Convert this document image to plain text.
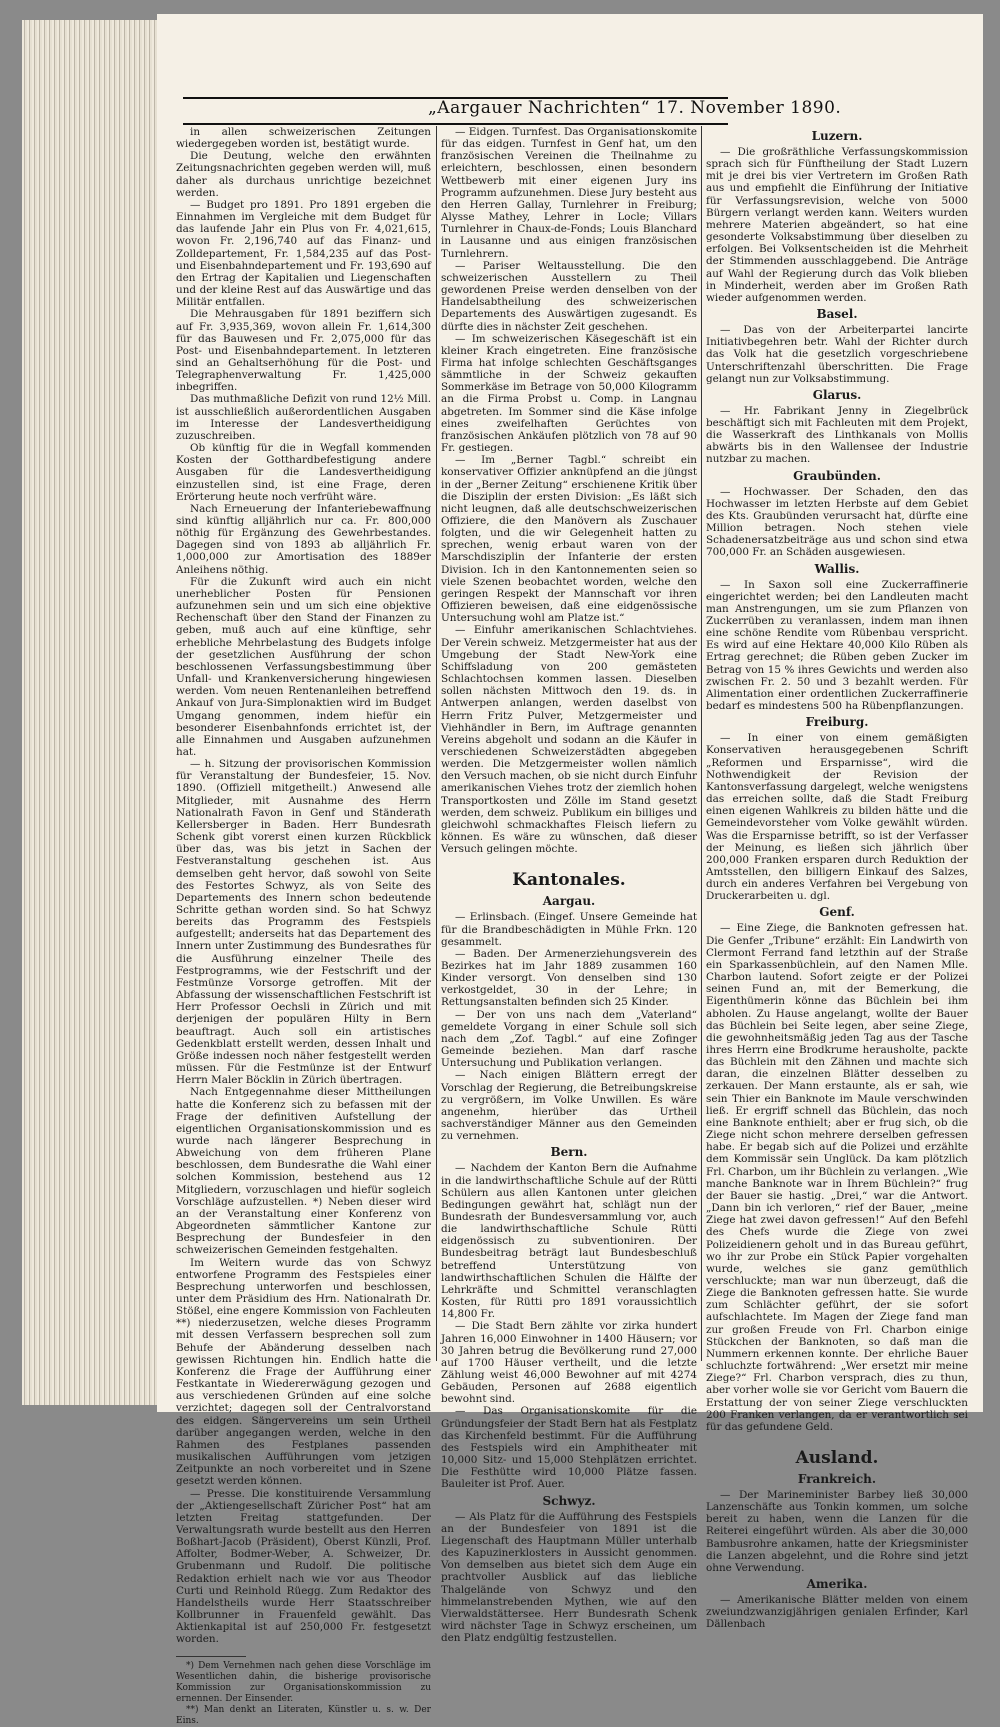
„Aargauer Nachrichten“ 17. November 1890.

in allen schweizerischen Zeitungen wiedergegeben worden ist, bestätigt wurde.

Die Deutung, welche den erwähnten Zeitungsnachrichten gegeben werden will, muß daher als durchaus unrichtige bezeichnet werden.

— Budget pro 1891. Pro 1891 ergeben die Einnahmen im Vergleiche mit dem Budget für das laufende Jahr ein Plus von Fr. 4,021,615, wovon Fr. 2,196,740 auf das Finanz- und Zolldepartement, Fr. 1,584,235 auf das Post- und Eisenbahndepartement und Fr. 193,690 auf den Ertrag der Kapitalien und Liegenschaften und der kleine Rest auf das Auswärtige und das Militär entfallen.

Die Mehrausgaben für 1891 beziffern sich auf Fr. 3,935,369, wovon allein Fr. 1,614,300 für das Bauwesen und Fr. 2,075,000 für das Post- und Eisenbahndepartement. In letzteren sind an Gehaltserhöhung für die Post- und Telegraphenverwaltung Fr. 1,425,000 inbegriffen.

Das muthmaßliche Defizit von rund 12½ Mill. ist ausschließlich außerordentlichen Ausgaben im Interesse der Landesvertheidigung zuzuschreiben.

Ob künftig für die in Wegfall kommenden Kosten der Gotthardbefestigung andere Ausgaben für die Landesvertheidigung einzustellen sind, ist eine Frage, deren Erörterung heute noch verfrüht wäre.

Nach Erneuerung der Infanteriebewaffnung sind künftig alljährlich nur ca. Fr. 800,000 nöthig für Ergänzung des Gewehrbestandes. Dagegen sind von 1893 ab alljährlich Fr. 1,000,000 zur Amortisation des 1889er Anleihens nöthig.

Für die Zukunft wird auch ein nicht unerheblicher Posten für Pensionen aufzunehmen sein und um sich eine objektive Rechenschaft über den Stand der Finanzen zu geben, muß auch auf eine künftige, sehr erhebliche Mehrbelastung des Budgets infolge der gesetzlichen Ausführung der schon beschlossenen Verfassungsbestimmung über Unfall- und Krankenversicherung hingewiesen werden. Vom neuen Rentenanleihen betreffend Ankauf von Jura-Simplonaktien wird im Budget Umgang genommen, indem hiefür ein besonderer Eisenbahnfonds errichtet ist, der alle Einnahmen und Ausgaben aufzunehmen hat.

— h. Sitzung der provisorischen Kommission für Veranstaltung der Bundesfeier, 15. Nov. 1890. (Offiziell mitgetheilt.) Anwesend alle Mitglieder, mit Ausnahme des Herrn Nationalrath Favon in Genf und Ständerath Kellersberger in Baden. Herr Bundesrath Schenk gibt vorerst einen kurzen Rückblick über das, was bis jetzt in Sachen der Festveranstaltung geschehen ist. Aus demselben geht hervor, daß sowohl von Seite des Festortes Schwyz, als von Seite des Departements des Innern schon bedeutende Schritte gethan worden sind. So hat Schwyz bereits das Programm des Festspiels aufgestellt; anderseits hat das Departement des Innern unter Zustimmung des Bundesrathes für die Ausführung einzelner Theile des Festprogramms, wie der Festschrift und der Festmünze Vorsorge getroffen. Mit der Abfassung der wissenschaftlichen Festschrift ist Herr Professor Oechsli in Zürich und mit derjenigen der populären Hilty in Bern beauftragt. Auch soll ein artistisches Gedenkblatt erstellt werden, dessen Inhalt und Größe indessen noch näher festgestellt werden müssen. Für die Festmünze ist der Entwurf Herrn Maler Böcklin in Zürich übertragen.

Nach Entgegennahme dieser Mittheilungen hatte die Konferenz sich zu befassen mit der Frage der definitiven Aufstellung der eigentlichen Organisationskommission und es wurde nach längerer Besprechung in Abweichung von dem früheren Plane beschlossen, dem Bundesrathe die Wahl einer solchen Kommission, bestehend aus 12 Mitgliedern, vorzuschlagen und hiefür sogleich Vorschläge aufzustellen. *) Neben dieser wird an der Veranstaltung einer Konferenz von Abgeordneten sämmtlicher Kantone zur Besprechung der Bundesfeier in den schweizerischen Gemeinden festgehalten.

Im Weitern wurde das von Schwyz entworfene Programm des Festspieles einer Besprechung unterworfen und beschlossen, unter dem Präsidium des Hrn. Nationalrath Dr. Stößel, eine engere Kommission von Fachleuten **) niederzusetzen, welche dieses Programm mit dessen Verfassern besprechen soll zum Behufe der Abänderung desselben nach gewissen Richtungen hin. Endlich hatte die Konferenz die Frage der Aufführung einer Festkantate in Wiedererwägung gezogen und aus verschiedenen Gründen auf eine solche verzichtet; dagegen soll der Centralvorstand des eidgen. Sängervereins um sein Urtheil darüber angegangen werden, welche in den Rahmen des Festplanes passenden musikalischen Aufführungen vom jetzigen Zeitpunkte an noch vorbereitet und in Szene gesetzt werden können.

— Presse. Die konstituirende Versammlung der „Aktiengesellschaft Züricher Post“ hat am letzten Freitag stattgefunden. Der Verwaltungsrath wurde bestellt aus den Herren Boßhart-Jacob (Präsident), Oberst Künzli, Prof. Affolter, Bodmer-Weber, A. Schweizer, Dr. Grubenmann und Rudolf. Die politische Redaktion erhielt nach wie vor aus Theodor Curti und Reinhold Rüegg. Zum Redaktor des Handelstheils wurde Herr Staatsschreiber Kollbrunner in Frauenfeld gewählt. Das Aktienkapital ist auf 250,000 Fr. festgesetzt worden.

*) Dem Vernehmen nach gehen diese Vorschläge im Wesentlichen dahin, die bisherige provisorische Kommission zur Organisationskommission zu ernennen. Der Einsender.

**) Man denkt an Literaten, Künstler u. s. w. Der Eins.

— Eidgen. Turnfest. Das Organisationskomite für das eidgen. Turnfest in Genf hat, um den französischen Vereinen die Theilnahme zu erleichtern, beschlossen, einen besondern Wettbewerb mit einer eigenen Jury ins Programm aufzunehmen. Diese Jury besteht aus den Herren Gallay, Turnlehrer in Freiburg; Alysse Mathey, Lehrer in Locle; Villars Turnlehrer in Chaux-de-Fonds; Louis Blanchard in Lausanne und aus einigen französischen Turnlehrern.

— Pariser Weltausstellung. Die den schweizerischen Ausstellern zu Theil gewordenen Preise werden denselben von der Handelsabtheilung des schweizerischen Departements des Auswärtigen zugesandt. Es dürfte dies in nächster Zeit geschehen.

— Im schweizerischen Käsegeschäft ist ein kleiner Krach eingetreten. Eine französische Firma hat infolge schlechten Geschäftsganges sämmtliche in der Schweiz gekauften Sommerkäse im Betrage von 50,000 Kilogramm an die Firma Probst u. Comp. in Langnau abgetreten. Im Sommer sind die Käse infolge eines zweifelhaften Gerüchtes von französischen Ankäufen plötzlich von 78 auf 90 Fr. gestiegen.

— Im „Berner Tagbl.“ schreibt ein konservativer Offizier anknüpfend an die jüngst in der „Berner Zeitung“ erschienene Kritik über die Disziplin der ersten Division: „Es läßt sich nicht leugnen, daß alle deutschschweizerischen Offiziere, die den Manövern als Zuschauer folgten, und die wir Gelegenheit hatten zu sprechen, wenig erbaut waren von der Marschdisziplin der Infanterie der ersten Division. Ich in den Kantonnementen seien so viele Szenen beobachtet worden, welche den geringen Respekt der Mannschaft vor ihren Offizieren beweisen, daß eine eidgenössische Untersuchung wohl am Platze ist.“

— Einfuhr amerikanischen Schlachtviehes. Der Verein schweiz. Metzgermeister hat aus der Umgebung der Stadt New-York eine Schiffsladung von 200 gemästeten Schlachtochsen kommen lassen. Dieselben sollen nächsten Mittwoch den 19. ds. in Antwerpen anlangen, werden daselbst von Herrn Fritz Pulver, Metzgermeister und Viehhändler in Bern, im Auftrage genannten Vereins abgeholt und sodann an die Käufer in verschiedenen Schweizerstädten abgegeben werden. Die Metzgermeister wollen nämlich den Versuch machen, ob sie nicht durch Einfuhr amerikanischen Viehes trotz der ziemlich hohen Transportkosten und Zölle im Stand gesetzt werden, dem schweiz. Publikum ein billiges und gleichwohl schmackhaftes Fleisch liefern zu können. Es wäre zu wünschen, daß dieser Versuch gelingen möchte.

Kantonales.

Aargau.

— Erlinsbach. (Eingef. Unsere Gemeinde hat für die Brandbeschädigten in Mühle Frkn. 120 gesammelt.

— Baden. Der Armenerziehungsverein des Bezirkes hat im Jahr 1889 zusammen 160 Kinder versorgt. Von denselben sind 130 verkostgeldet, 30 in der Lehre; in Rettungsanstalten befinden sich 25 Kinder.

— Der von uns nach dem „Vaterland“ gemeldete Vorgang in einer Schule soll sich nach dem „Zof. Tagbl.“ auf eine Zofinger Gemeinde beziehen. Man darf rasche Untersuchung und Publikation verlangen.

— Nach einigen Blättern erregt der Vorschlag der Regierung, die Betreibungskreise zu vergrößern, im Volke Unwillen. Es wäre angenehm, hierüber das Urtheil sachverständiger Männer aus den Gemeinden zu vernehmen.

Bern.

— Nachdem der Kanton Bern die Aufnahme in die landwirthschaftliche Schule auf der Rütti Schülern aus allen Kantonen unter gleichen Bedingungen gewährt hat, schlägt nun der Bundesrath der Bundesversammlung vor, auch die landwirthschaftliche Schule Rütti eidgenössisch zu subventioniren. Der Bundesbeitrag beträgt laut Bundesbeschluß betreffend Unterstützung von landwirthschaftlichen Schulen die Hälfte der Lehrkräfte und Schmittel veranschlagten Kosten, für Rütti pro 1891 voraussichtlich 14,800 Fr.

— Die Stadt Bern zählte vor zirka hundert Jahren 16,000 Einwohner in 1400 Häusern; vor 30 Jahren betrug die Bevölkerung rund 27,000 auf 1700 Häuser vertheilt, und die letzte Zählung weist 46,000 Bewohner auf mit 4274 Gebäuden, Personen auf 2688 eigentlich bewohnt sind.

— Das Organisationskomite für die Gründungsfeier der Stadt Bern hat als Festplatz das Kirchenfeld bestimmt. Für die Aufführung des Festspiels wird ein Amphitheater mit 10,000 Sitz- und 15,000 Stehplätzen errichtet. Die Festhütte wird 10,000 Plätze fassen. Bauleiter ist Prof. Auer.

Schwyz.

— Als Platz für die Aufführung des Festspiels an der Bundesfeier von 1891 ist die Liegenschaft des Hauptmann Müller unterhalb des Kapuzinerklosters in Aussicht genommen. Von demselben aus bietet sich dem Auge ein prachtvoller Ausblick auf das liebliche Thalgelände von Schwyz und den himmelanstrebenden Mythen, wie auf den Vierwaldstättersee. Herr Bundesrath Schenk wird nächster Tage in Schwyz erscheinen, um den Platz endgültig festzustellen.

Luzern.

— Die großräthliche Verfassungskommission sprach sich für Fünftheilung der Stadt Luzern mit je drei bis vier Vertretern im Großen Rath aus und empfiehlt die Einführung der Initiative für Verfassungsrevision, welche von 5000 Bürgern verlangt werden kann. Weiters wurden mehrere Materien abgeändert, so hat eine gesonderte Volksabstimmung über dieselben zu erfolgen. Bei Volksentscheiden ist die Mehrheit der Stimmenden ausschlaggebend. Die Anträge auf Wahl der Regierung durch das Volk blieben in Minderheit, werden aber im Großen Rath wieder aufgenommen werden.

Basel.

— Das von der Arbeiterpartei lancirte Initiativbegehren betr. Wahl der Richter durch das Volk hat die gesetzlich vorgeschriebene Unterschriftenzahl überschritten. Die Frage gelangt nun zur Volksabstimmung.

Glarus.

— Hr. Fabrikant Jenny in Ziegelbrück beschäftigt sich mit Fachleuten mit dem Projekt, die Wasserkraft des Linthkanals von Mollis abwärts bis in den Wallensee der Industrie nutzbar zu machen.

Graubünden.

— Hochwasser. Der Schaden, den das Hochwasser im letzten Herbste auf dem Gebiet des Kts. Graubünden verursacht hat, dürfte eine Million betragen. Noch stehen viele Schadenersatzbeiträge aus und schon sind etwa 700,000 Fr. an Schäden ausgewiesen.

Wallis.

— In Saxon soll eine Zuckerraffinerie eingerichtet werden; bei den Landleuten macht man Anstrengungen, um sie zum Pflanzen von Zuckerrüben zu veranlassen, indem man ihnen eine schöne Rendite vom Rübenbau verspricht. Es wird auf eine Hektare 40,000 Kilo Rüben als Ertrag gerechnet; die Rüben geben Zucker im Betrag von 15 % ihres Gewichts und werden also zwischen Fr. 2. 50 und 3 bezahlt werden. Für Alimentation einer ordentlichen Zuckerraffinerie bedarf es mindestens 500 ha Rübenpflanzungen.

Freiburg.

— In einer von einem gemäßigten Konservativen herausgegebenen Schrift „Reformen und Ersparnisse“, wird die Nothwendigkeit der Revision der Kantonsverfassung dargelegt, welche wenigstens das erreichen sollte, daß die Stadt Freiburg einen eigenen Wahlkreis zu bilden hätte und die Gemeindevorsteher vom Volke gewählt würden. Was die Ersparnisse betrifft, so ist der Verfasser der Meinung, es ließen sich jährlich über 200,000 Franken ersparen durch Reduktion der Amtsstellen, den billigern Einkauf des Salzes, durch ein anderes Verfahren bei Vergebung von Druckerarbeiten u. dgl.

Genf.

— Eine Ziege, die Banknoten gefressen hat. Die Genfer „Tribune“ erzählt: Ein Landwirth von Clermont Ferrand fand letzthin auf der Straße ein Sparkassenbüchlein, auf den Namen Mlle. Charbon lautend. Sofort zeigte er der Polizei seinen Fund an, mit der Bemerkung, die Eigenthümerin könne das Büchlein bei ihm abholen. Zu Hause angelangt, wollte der Bauer das Büchlein bei Seite legen, aber seine Ziege, die gewohnheitsmäßig jeden Tag aus der Tasche ihres Herrn eine Brodkrume herausholte, packte das Büchlein mit den Zähnen und machte sich daran, die einzelnen Blätter desselben zu zerkauen. Der Mann erstaunte, als er sah, wie sein Thier ein Banknote im Maule verschwinden ließ. Er ergriff schnell das Büchlein, das noch eine Banknote enthielt; aber er frug sich, ob die Ziege nicht schon mehrere derselben gefressen habe. Er begab sich auf die Polizei und erzählte dem Kommissär sein Unglück. Da kam plötzlich Frl. Charbon, um ihr Büchlein zu verlangen. „Wie manche Banknote war in Ihrem Büchlein?“ frug der Bauer sie hastig. „Drei,“ war die Antwort. „Dann bin ich verloren,“ rief der Bauer, „meine Ziege hat zwei davon gefressen!“ Auf den Befehl des Chefs wurde die Ziege von zwei Polizeidienern geholt und in das Bureau geführt, wo ihr zur Probe ein Stück Papier vorgehalten wurde, welches sie ganz gemüthlich verschluckte; man war nun überzeugt, daß die Ziege die Banknoten gefressen hatte. Sie wurde zum Schlächter geführt, der sie sofort aufschlachtete. Im Magen der Ziege fand man zur großen Freude von Frl. Charbon einige Stückchen der Banknoten, so daß man die Nummern erkennen konnte. Der ehrliche Bauer schluchzte fortwährend: „Wer ersetzt mir meine Ziege?“ Frl. Charbon versprach, dies zu thun, aber vorher wolle sie vor Gericht vom Bauern die Erstattung der von seiner Ziege verschluckten 200 Franken verlangen, da er verantwortlich sei für das gefundene Geld.

Ausland.

Frankreich.

— Der Marineminister Barbey ließ 30,000 Lanzenschäfte aus Tonkin kommen, um solche bereit zu haben, wenn die Lanzen für die Reiterei eingeführt würden. Als aber die 30,000 Bambusrohre ankamen, hatte der Kriegsminister die Lanzen abgelehnt, und die Rohre sind jetzt ohne Verwendung.

Amerika.

— Amerikanische Blätter melden von einem zweiundzwanzigjährigen genialen Erfinder, Karl Dällenbach
